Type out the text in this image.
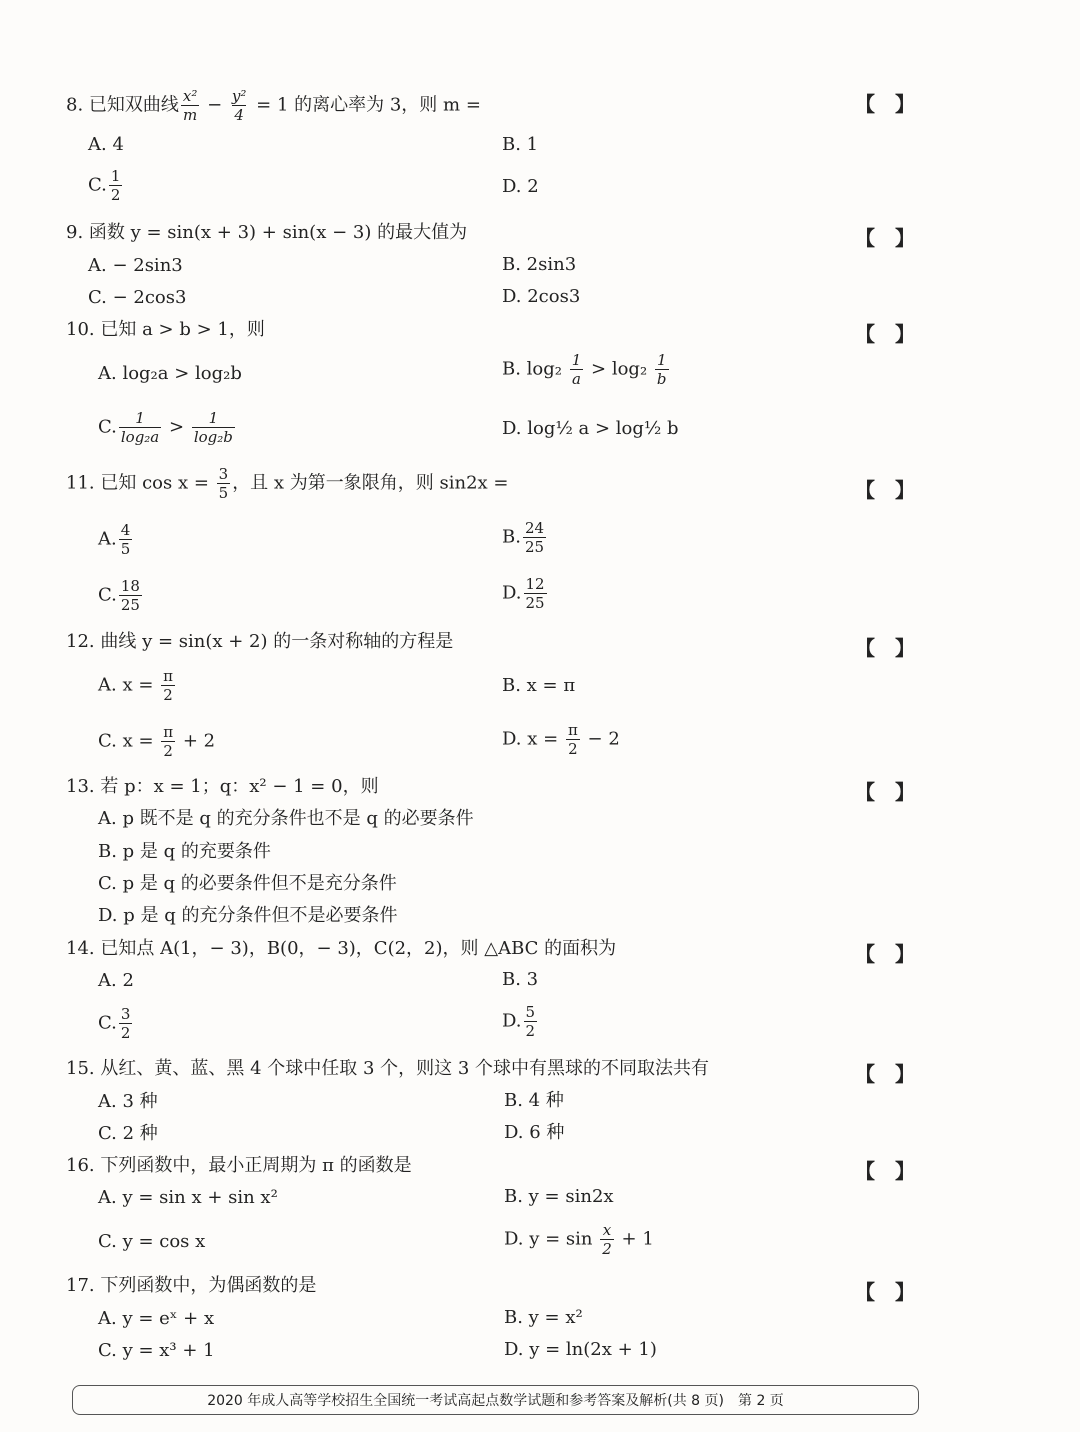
8. 已知双曲线 $\frac{\text{x²}}{m} - \frac{\text{y²}}{4} = 1$ 的离心率为 3，则 m =	【　】
A. 4	B. 1
C. $\frac{1}{2}$	D. 2
9. 函数 y = sin(x + 3) + sin(x − 3) 的最大值为	【　】
A. − 2sin3	B. 2sin3
C. − 2cos3	D. 2cos3
10. 已知 a > b > 1，则	【　】
A. log₂a > log₂b	B. $\log_2 \frac{1}{a} > \log_2 \frac{1}{b}$
C. $\frac{1}{\text{log₂a}} > \frac{1}{\text{log₂b}}$	D. log½ a > log½ b
11. 已知 $\cos x = \frac{3}{5}$ ，且 x 为第一象限角，则 sin2x =	【　】
A. $\frac{4}{5}$	B. $\frac{24}{25}$
C. $\frac{18}{25}$	D. $\frac{12}{25}$
12. 曲线 y = sin(x + 2) 的一条对称轴的方程是	【　】
A. $x = \frac{\pi}{2}$	B. x = π
C. $x = \frac{\pi}{2} + 2$	D. $x = \frac{\pi}{2} - 2$
13. 若 p：x = 1；q：x² − 1 = 0，则	【　】
A. p 既不是 q 的充分条件也不是 q 的必要条件
B. p 是 q 的充要条件
C. p 是 q 的必要条件但不是充分条件
D. p 是 q 的充分条件但不是必要条件
14. 已知点 A(1，− 3)，B(0，− 3)，C(2，2)，则 △ABC 的面积为	【　】
A. 2	B. 3
C. $\frac{3}{2}$	D. $\frac{5}{2}$
15. 从红、黄、蓝、黑 4 个球中任取 3 个，则这 3 个球中有黑球的不同取法共有	【　】
A. 3 种	B. 4 种
C. 2 种	D. 6 种
16. 下列函数中，最小正周期为 π 的函数是	【　】
A. y = sin x + sin x²	B. y = sin2x
C. y = cos x	D. $y = \sin \frac{x}{2} + 1$
17. 下列函数中，为偶函数的是	【　】
A. y = eˣ + x	B. y = x²
C. y = x³ + 1	D. y = ln(2x + 1)
2020 年成人高等学校招生全国统一考试高起点数学试题和参考答案及解析(共 8 页)　第 2 页
